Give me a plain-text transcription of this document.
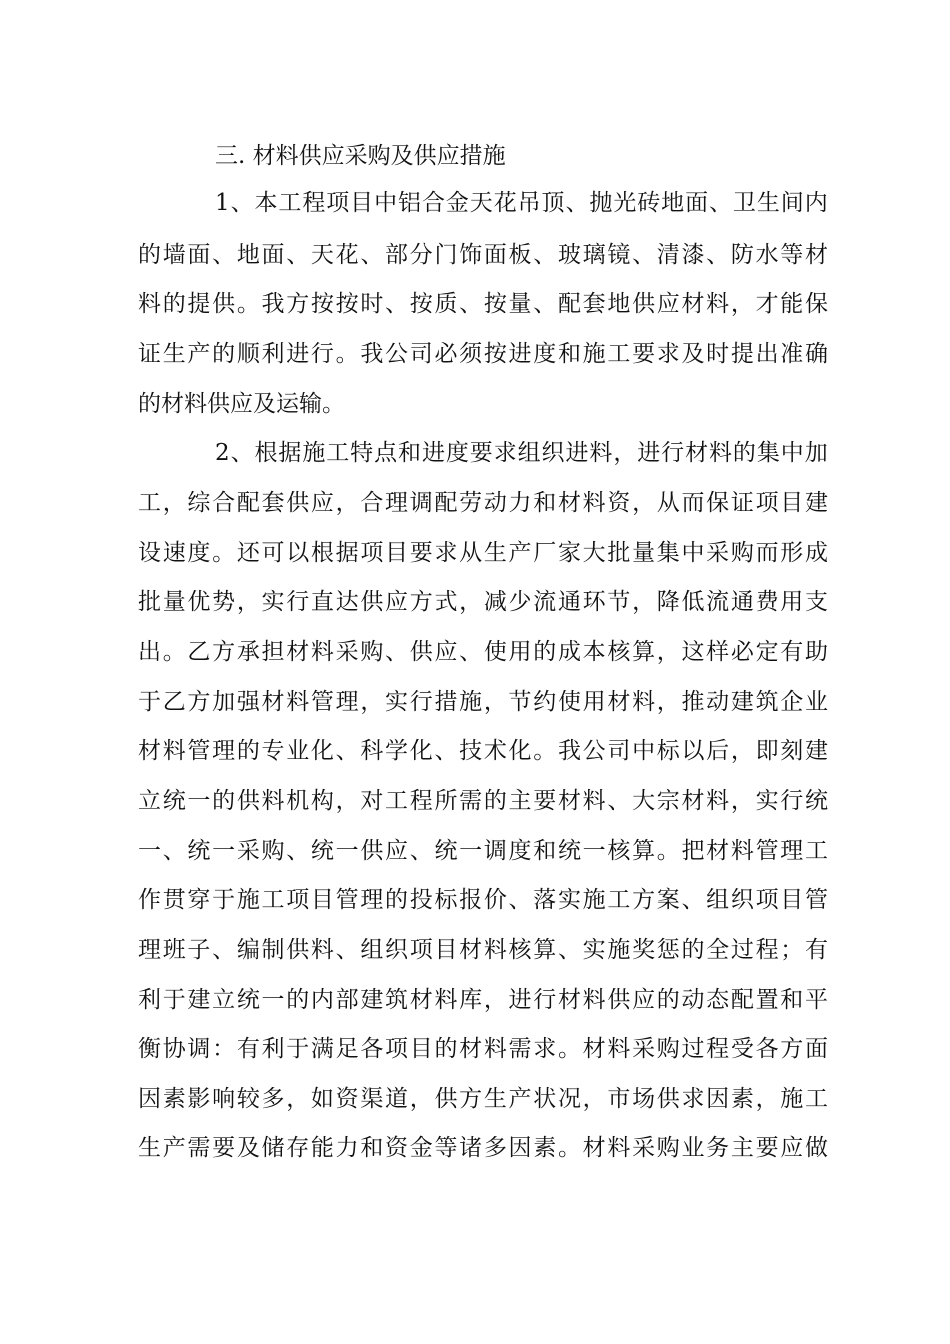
三. 材料供应采购及供应措施
1 、 本 工 程 项 目 中 铝 合 金 天 花 吊 顶 、 抛 光 砖 地 面 、 卫 生 间 内
的 墙 面 、 地 面 、 天 花 、 部 分 门 饰 面 板 、 玻 璃 镜 、 清 漆 、 防 水 等 材
料 的 提 供 。 我 方 按 按 时 、 按 质 、 按 量 、 配 套 地 供 应 材 料 ， 才 能 保
证 生 产 的 顺 利 进 行 。 我 公 司 必 须 按 进 度 和 施 工 要 求 及 时 提 出 准 确
的材料供应及运输。
2 、 根 据 施 工 特 点 和 进 度 要 求 组 织 进 料 ， 进 行 材 料 的 集 中 加
工 ， 综 合 配 套 供 应 ， 合 理 调 配 劳 动 力 和 材 料 资 ， 从 而 保 证 项 目 建
设 速 度 。 还 可 以 根 据 项 目 要 求 从 生 产 厂 家 大 批 量 集 中 采 购 而 形 成
批 量 优 势 ， 实 行 直 达 供 应 方 式 ， 减 少 流 通 环 节 ， 降 低 流 通 费 用 支
出 。 乙 方 承 担 材 料 采 购 、 供 应 、 使 用 的 成 本 核 算 ， 这 样 必 定 有 助
于 乙 方 加 强 材 料 管 理 ， 实 行 措 施 ， 节 约 使 用 材 料 ， 推 动 建 筑 企 业
材 料 管 理 的 专 业 化 、 科 学 化 、 技 术 化 。 我 公 司 中 标 以 后 ， 即 刻 建
立 统 一 的 供 料 机 构 ， 对 工 程 所 需 的 主 要 材 料 、 大 宗 材 料 ， 实 行 统
一 、 统 一 采 购 、 统 一 供 应 、 统 一 调 度 和 统 一 核 算 。 把 材 料 管 理 工
作 贯 穿 于 施 工 项 目 管 理 的 投 标 报 价 、 落 实 施 工 方 案 、 组 织 项 目 管
理 班 子 、 编 制 供 料 、 组 织 项 目 材 料 核 算 、 实 施 奖 惩 的 全 过 程 ； 有
利 于 建 立 统 一 的 内 部 建 筑 材 料 库 ， 进 行 材 料 供 应 的 动 态 配 置 和 平
衡 协 调 ： 有 利 于 满 足 各 项 目 的 材 料 需 求 。 材 料 采 购 过 程 受 各 方 面
因 素 影 响 较 多 ， 如 资 渠 道 ， 供 方 生 产 状 况 ， 市 场 供 求 因 素 ， 施 工
生 产 需 要 及 储 存 能 力 和 资 金 等 诸 多 因 素 。 材 料 采 购 业 务 主 要 应 做
